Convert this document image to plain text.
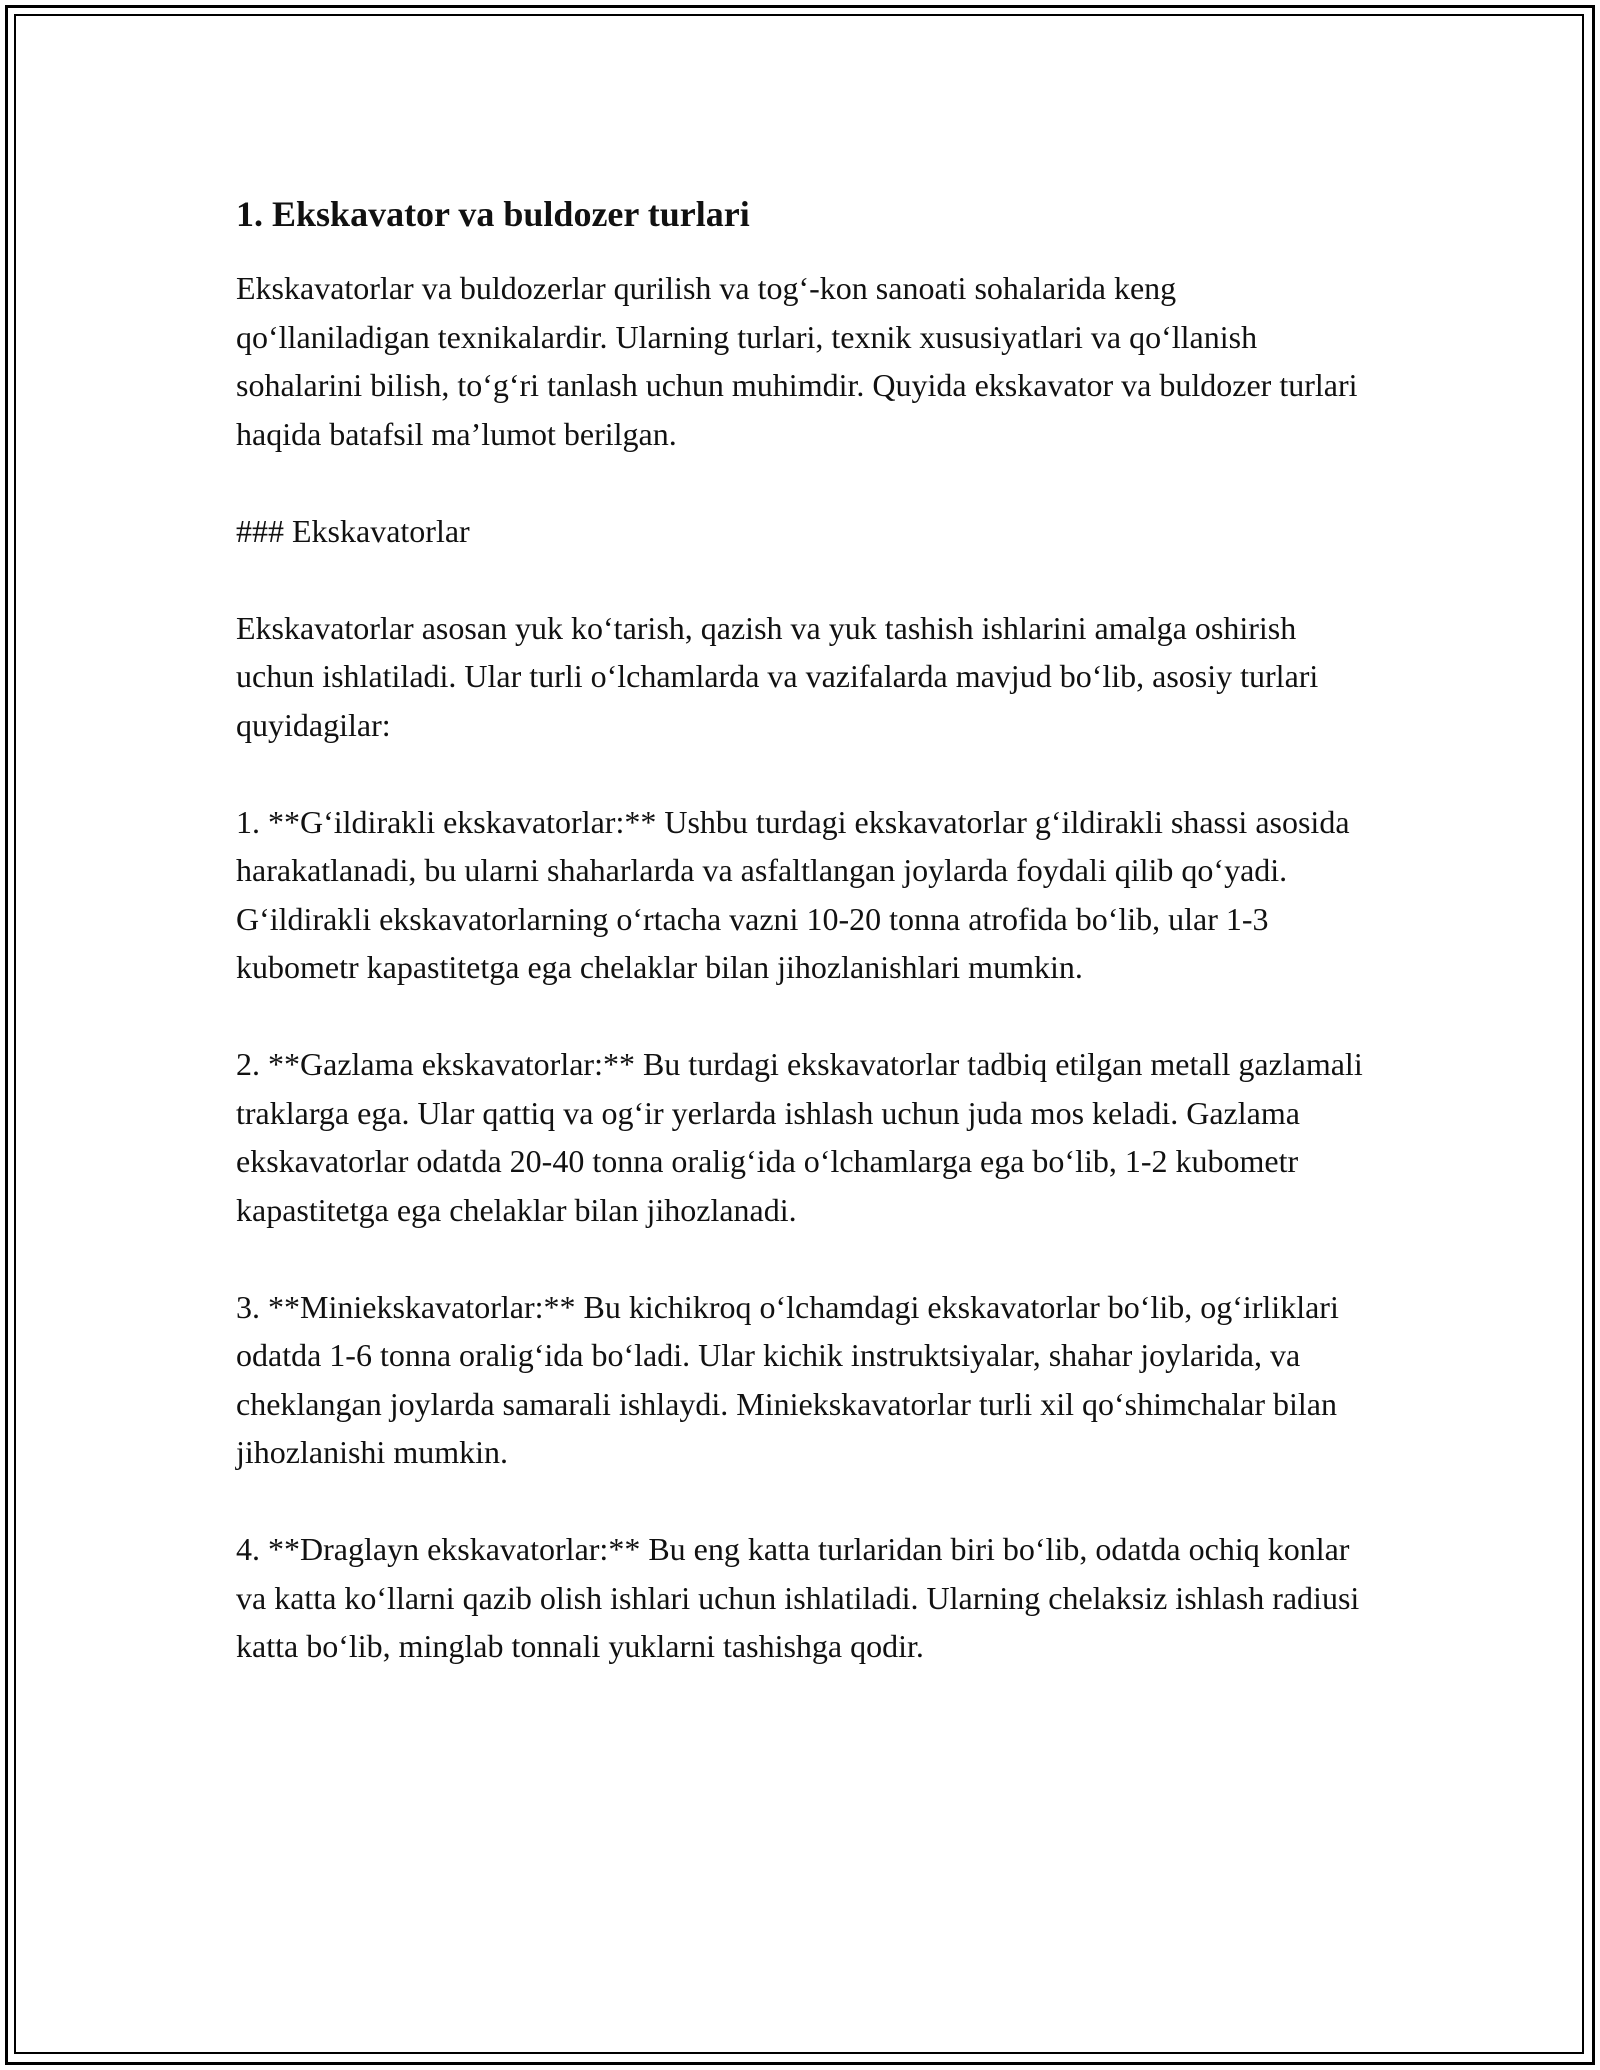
1. Ekskavator va buldozer turlari

Ekskavatorlar va buldozerlar qurilish va tog‘-kon sanoati sohalarida keng qo‘llaniladigan texnikalardir. Ularning turlari, texnik xususiyatlari va qo‘llanish sohalarini bilish, to‘g‘ri tanlash uchun muhimdir. Quyida ekskavator va buldozer turlari haqida batafsil ma’lumot berilgan.

### Ekskavatorlar

Ekskavatorlar asosan yuk ko‘tarish, qazish va yuk tashish ishlarini amalga oshirish uchun ishlatiladi. Ular turli o‘lchamlarda va vazifalarda mavjud bo‘lib, asosiy turlari quyidagilar:

1. **G‘ildirakli ekskavatorlar:** Ushbu turdagi ekskavatorlar g‘ildirakli shassi asosida harakatlanadi, bu ularni shaharlarda va asfaltlangan joylarda foydali qilib qo‘yadi. G‘ildirakli ekskavatorlarning o‘rtacha vazni 10-20 tonna atrofida bo‘lib, ular 1-3 kubometr kapastitetga ega chelaklar bilan jihozlanishlari mumkin.

2. **Gazlama ekskavatorlar:** Bu turdagi ekskavatorlar tadbiq etilgan metall gazlamali traklarga ega. Ular qattiq va og‘ir yerlarda ishlash uchun juda mos keladi. Gazlama ekskavatorlar odatda 20-40 tonna oralig‘ida o‘lchamlarga ega bo‘lib, 1-2 kubometr kapastitetga ega chelaklar bilan jihozlanadi.

3. **Miniekskavatorlar:** Bu kichikroq o‘lchamdagi ekskavatorlar bo‘lib, og‘irliklari odatda 1-6 tonna oralig‘ida bo‘ladi. Ular kichik instruktsiyalar, shahar joylarida, va cheklangan joylarda samarali ishlaydi. Miniekskavatorlar turli xil qo‘shimchalar bilan jihozlanishi mumkin.

4. **Draglayn ekskavatorlar:** Bu eng katta turlaridan biri bo‘lib, odatda ochiq konlar va katta ko‘llarni qazib olish ishlari uchun ishlatiladi. Ularning chelaksiz ishlash radiusi katta bo‘lib, minglab tonnali yuklarni tashishga qodir.
